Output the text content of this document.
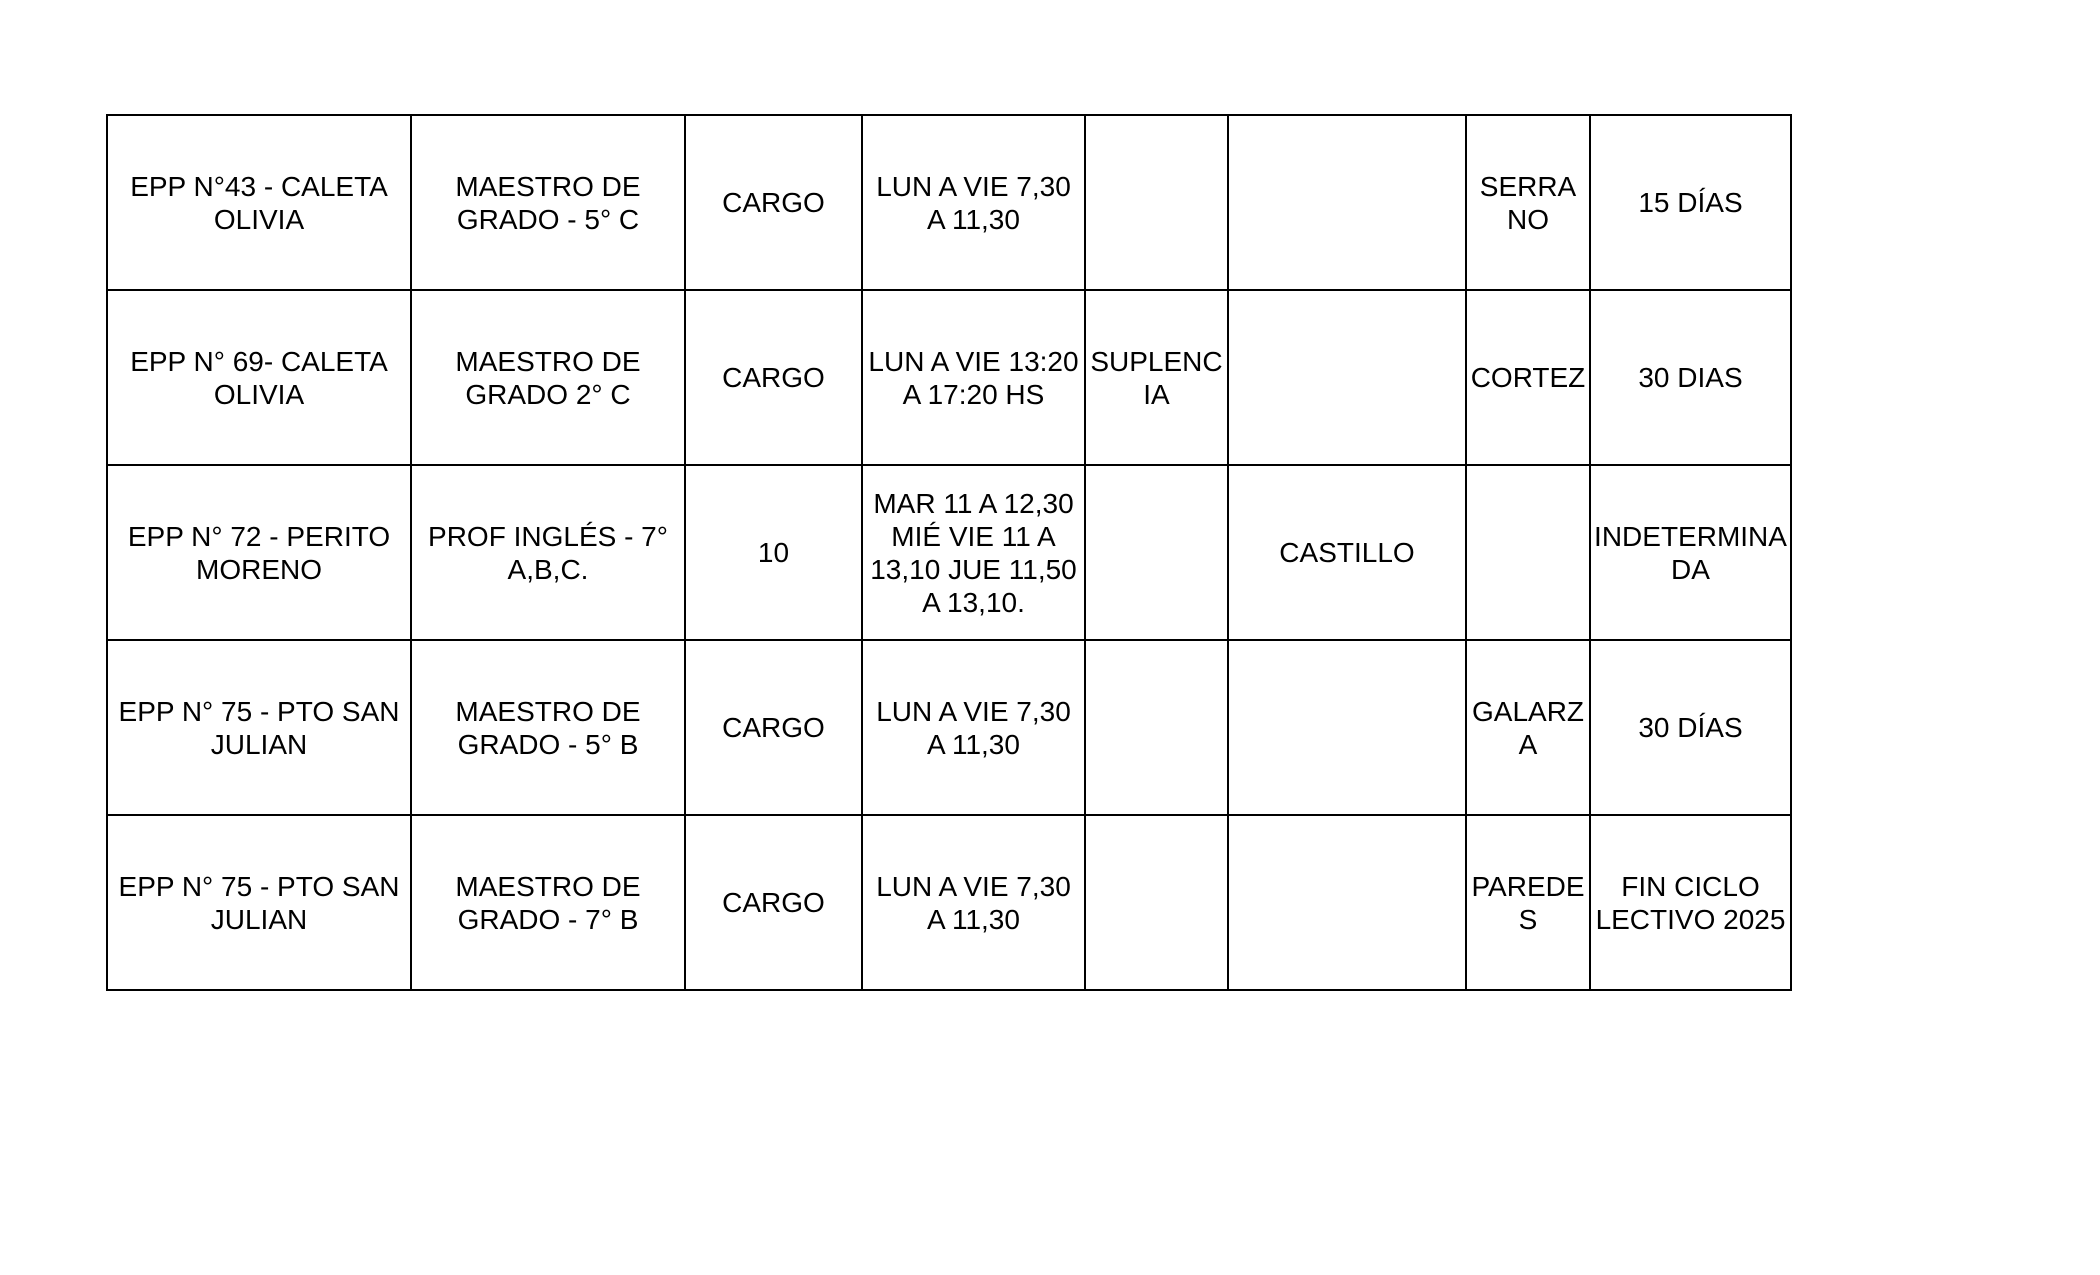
EPP N°43 - CALETA OLIVIA	MAESTRO DE GRADO - 5° C	CARGO	LUN A VIE 7,30 A 11,30			SERRANO	15 DÍAS

EPP N° 69- CALETA OLIVIA	MAESTRO DE GRADO 2° C	CARGO	LUN A VIE 13:20 A 17:20 HS	SUPLENCIA		CORTEZ	30 DIAS

EPP N° 72 - PERITO MORENO	PROF INGLÉS - 7° A,B,C.	10	MAR 11 A 12,30 MIÉ VIE 11 A 13,10 JUE 11,50 A 13,10.		CASTILLO		INDETERMINADA

EPP N° 75 - PTO SAN JULIAN	MAESTRO DE GRADO - 5° B	CARGO	LUN A VIE 7,30 A 11,30			GALARZA	30 DÍAS

EPP N° 75 - PTO SAN JULIAN	MAESTRO DE GRADO - 7° B	CARGO	LUN A VIE 7,30 A 11,30			PAREDES	FIN CICLO LECTIVO 2025
